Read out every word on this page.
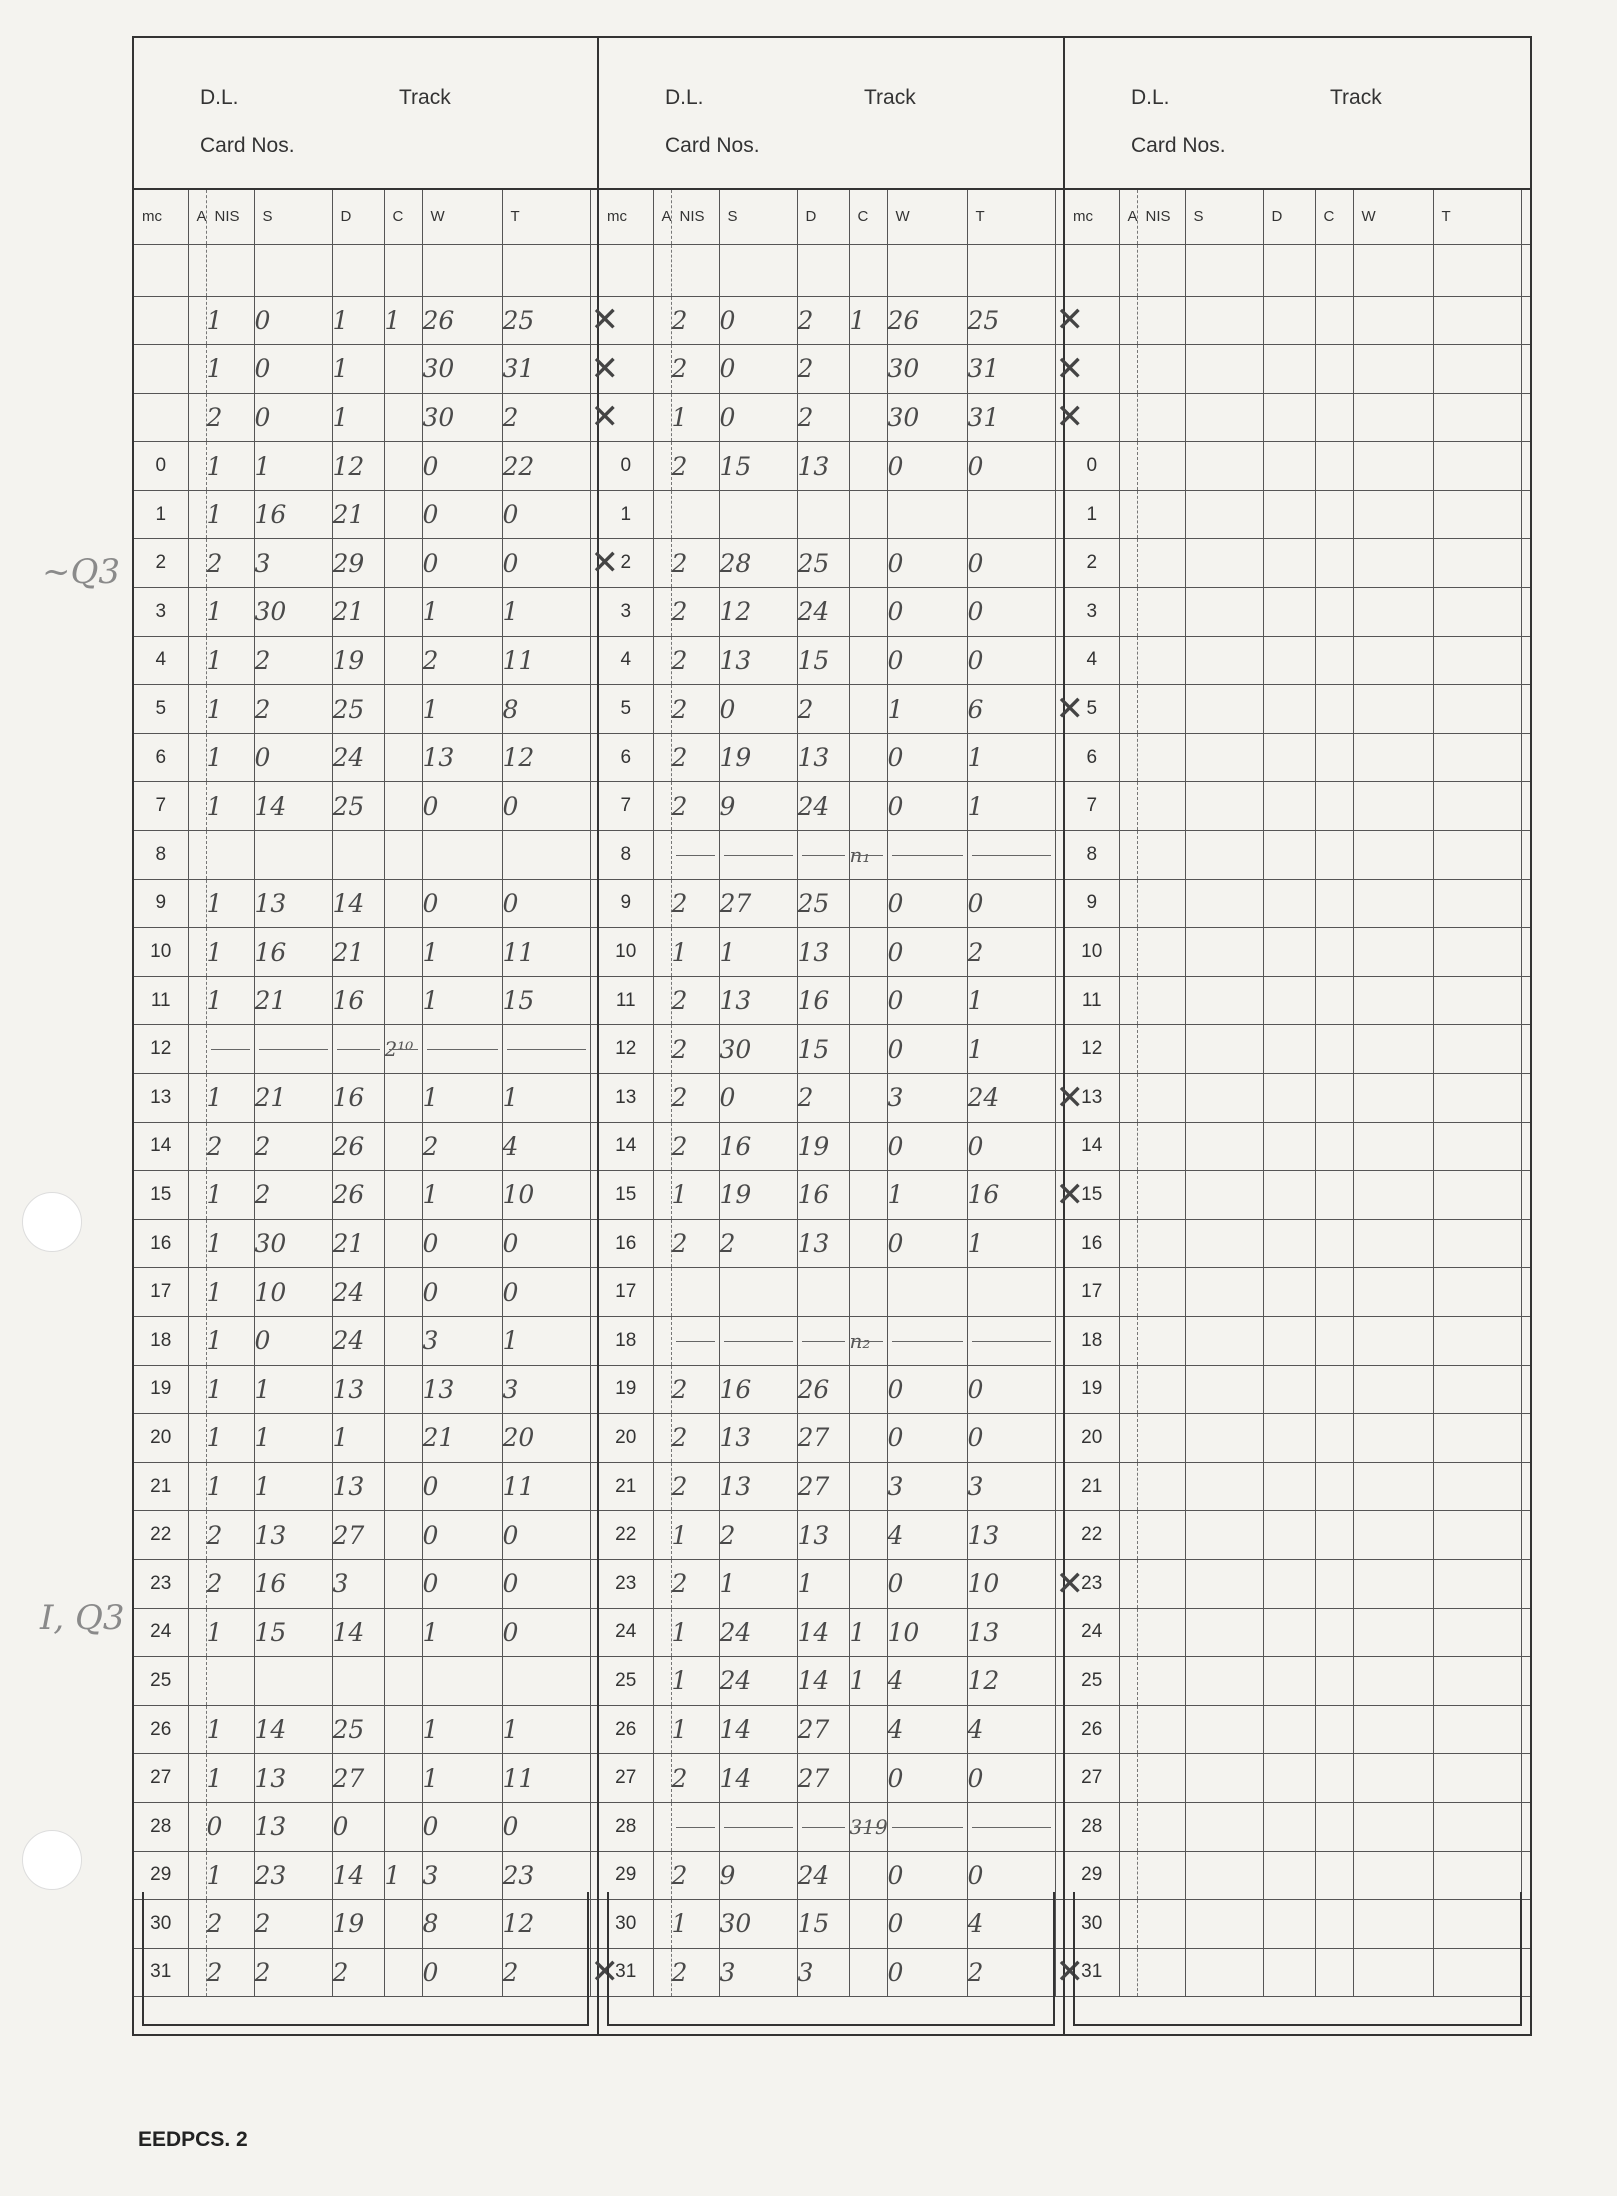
~Q3
I, Q3
D.L.	Track
Card Nos.
mc	A	NIS	S	D	C	W	T	

		1	0	1	1	26	25	✕
		1	0	1		30	31	✕
		2	0	1		30	2	✕
0		1	1	12		0	22	
1		1	16	21		0	0	
2		2	3	29		0	0	✕
3		1	30	21		1	1	
4		1	2	19		2	11	
5		1	2	25		1	8	
6		1	0	24		13	12	
7		1	14	25		0	0	
8								
9		1	13	14		0	0	
10		1	16	21		1	11	
11		1	21	16		1	15	
12					2¹⁰			
13		1	21	16		1	1	
14		2	2	26		2	4	
15		1	2	26		1	10	
16		1	30	21		0	0	
17		1	10	24		0	0	
18		1	0	24		3	1	
19		1	1	13		13	3	
20		1	1	1		21	20	
21		1	1	13		0	11	
22		2	13	27		0	0	
23		2	16	3		0	0	
24		1	15	14		1	0	
25								
26		1	14	25		1	1	
27		1	13	27		1	11	
28		0	13	0		0	0	
29		1	23	14	1	3	23	
30		2	2	19		8	12	
31		2	2	2		0	2	✕
D.L.	Track
Card Nos.
mc	A	NIS	S	D	C	W	T	

		2	0	2	1	26	25	✕
		2	0	2		30	31	✕
		1	0	2		30	31	✕
0		2	15	13		0	0	
1								
2		2	28	25		0	0	
3		2	12	24		0	0	
4		2	13	15		0	0	
5		2	0	2		1	6	✕
6		2	19	13		0	1	
7		2	9	24		0	1	
8					n₁			
9		2	27	25		0	0	
10		1	1	13		0	2	
11		2	13	16		0	1	
12		2	30	15		0	1	
13		2	0	2		3	24	✕
14		2	16	19		0	0	
15		1	19	16		1	16	✕
16		2	2	13		0	1	
17								
18					n₂			
19		2	16	26		0	0	
20		2	13	27		0	0	
21		2	13	27		3	3	
22		1	2	13		4	13	
23		2	1	1		0	10	✕
24		1	24	14	1	10	13	
25		1	24	14	1	4	12	
26		1	14	27		4	4	
27		2	14	27		0	0	
28					319			
29		2	9	24		0	0	
30		1	30	15		0	4	
31		2	3	3		0	2	✕
D.L.	Track
Card Nos.
mc	A	NIS	S	D	C	W	T	

0								
1								
2								
3								
4								
5								
6								
7								
8								
9								
10								
11								
12								
13								
14								
15								
16								
17								
18								
19								
20								
21								
22								
23								
24								
25								
26								
27								
28								
29								
30								
31								
EEDPCS. 2
